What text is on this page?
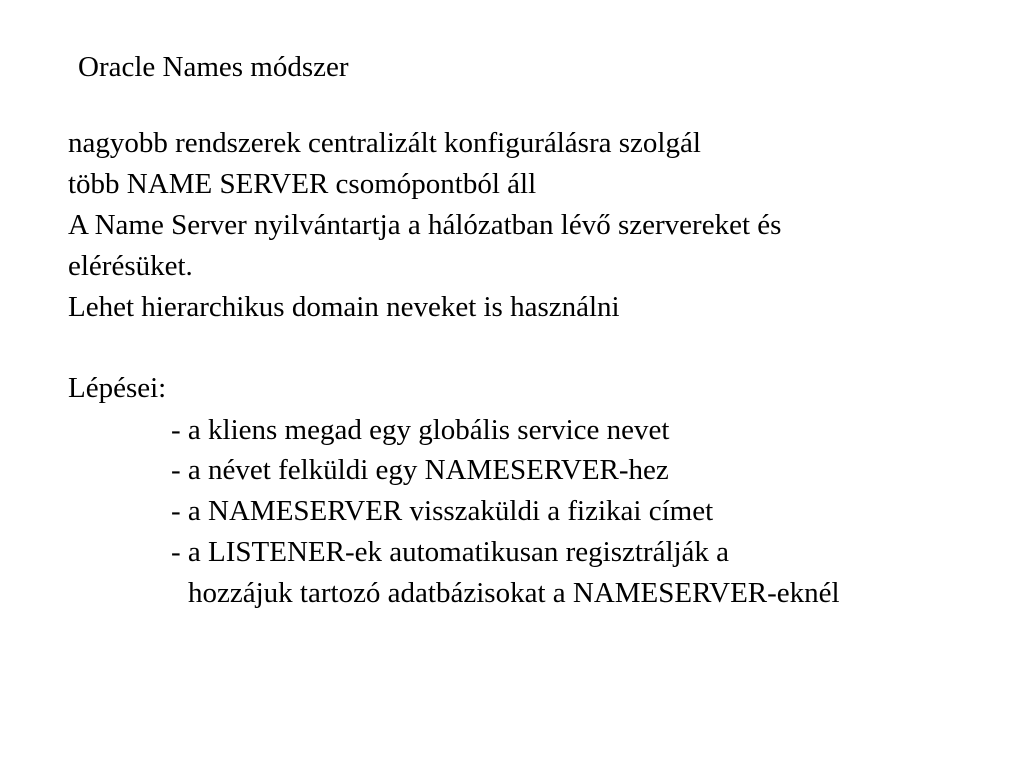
Oracle Names módszer
nagyobb rendszerek centralizált konfigurálásra szolgál
több NAME SERVER csomópontból áll
A Name Server nyilvántartja a hálózatban lévő szervereket és
elérésüket.
Lehet hierarchikus domain neveket is használni
Lépései:
- a kliens megad egy globális service nevet
- a névet felküldi egy NAMESERVER-hez
- a NAMESERVER visszaküldi a fizikai címet
- a LISTENER-ek automatikusan regisztrálják a
hozzájuk tartozó adatbázisokat a NAMESERVER-eknél
